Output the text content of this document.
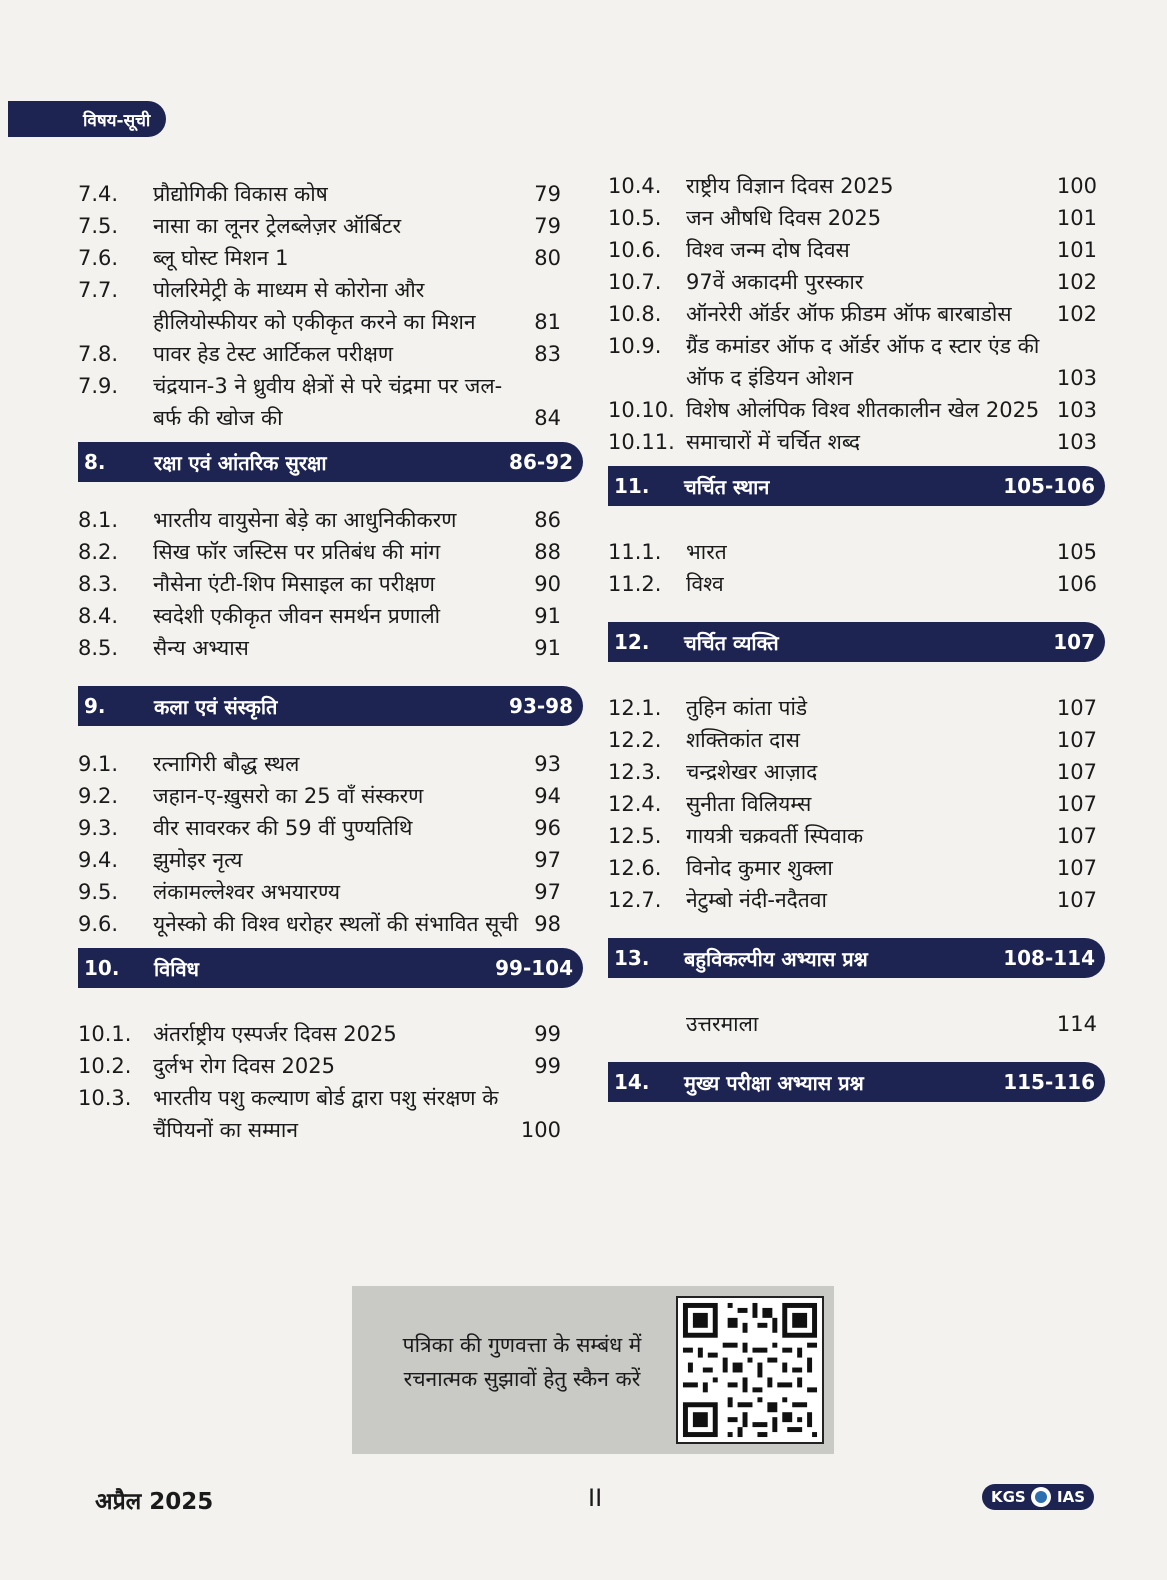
विषय-सूची
7.4.	प्रौद्योगिकी विकास कोष	79
7.5.	नासा का लूनर ट्रेलब्लेज़र ऑर्बिटर	79
7.6.	ब्लू घोस्ट मिशन 1	80
7.7.	पोलरिमेट्री के माध्यम से कोरोना और हीलियोस्फीयर को एकीकृत करने का मिशन	81
7.8.	पावर हेड टेस्ट आर्टिकल परीक्षण	83
7.9.	चंद्रयान-3 ने ध्रुवीय क्षेत्रों से परे चंद्रमा पर जल-बर्फ की खोज की	84
8.	रक्षा एवं आंतरिक सुरक्षा	86-92
8.1.	भारतीय वायुसेना बेड़े का आधुनिकीकरण	86
8.2.	सिख फॉर जस्टिस पर प्रतिबंध की मांग	88
8.3.	नौसेना एंटी-शिप मिसाइल का परीक्षण	90
8.4.	स्वदेशी एकीकृत जीवन समर्थन प्रणाली	91
8.5.	सैन्य अभ्यास	91
9.	कला एवं संस्कृति	93-98
9.1.	रत्नागिरी बौद्ध स्थल	93
9.2.	जहान-ए-ख़ुसरो का 25 वाँ संस्करण	94
9.3.	वीर सावरकर की 59 वीं पुण्यतिथि	96
9.4.	झुमोइर नृत्य	97
9.5.	लंकामल्लेश्वर अभयारण्य	97
9.6.	यूनेस्को की विश्व धरोहर स्थलों की संभावित सूची 98
10.	विविध	99-104
10.1.	अंतर्राष्ट्रीय एस्पर्जर दिवस 2025	99
10.2.	दुर्लभ रोग दिवस 2025	99
10.3.	भारतीय पशु कल्याण बोर्ड द्वारा पशु संरक्षण के चैंपियनों का सम्मान	100
10.4.	राष्ट्रीय विज्ञान दिवस 2025	100
10.5.	जन औषधि दिवस 2025	101
10.6.	विश्व जन्म दोष दिवस	101
10.7.	97वें अकादमी पुरस्कार	102
10.8.	ऑनरेरी ऑर्डर ऑफ फ्रीडम ऑफ बारबाडोस	102
10.9.	ग्रैंड कमांडर ऑफ द ऑर्डर ऑफ द स्टार एंड की ऑफ द इंडियन ओशन	103
10.10. विशेष ओलंपिक विश्व शीतकालीन खेल 2025 103
10.11. समाचारों में चर्चित शब्द	103
11.	चर्चित स्थान	105-106
11.1.	भारत	105
11.2.	विश्व	106
12.	चर्चित व्यक्ति	107
12.1.	तुहिन कांता पांडे	107
12.2.	शक्तिकांत दास	107
12.3.	चन्द्रशेखर आज़ाद	107
12.4.	सुनीता विलियम्स	107
12.5.	गायत्री चक्रवर्ती स्पिवाक	107
12.6.	विनोद कुमार शुक्ला	107
12.7.	नेटुम्बो नंदी-नदैतवा	107
13.	बहुविकल्पीय अभ्यास प्रश्न	108-114
उत्तरमाला	114
14.	मुख्य परीक्षा अभ्यास प्रश्न	115-116
पत्रिका की गुणवत्ता के सम्बंध में
रचनात्मक सुझावों हेतु स्कैन करें
अप्रैल 2025	II	KGS IAS
